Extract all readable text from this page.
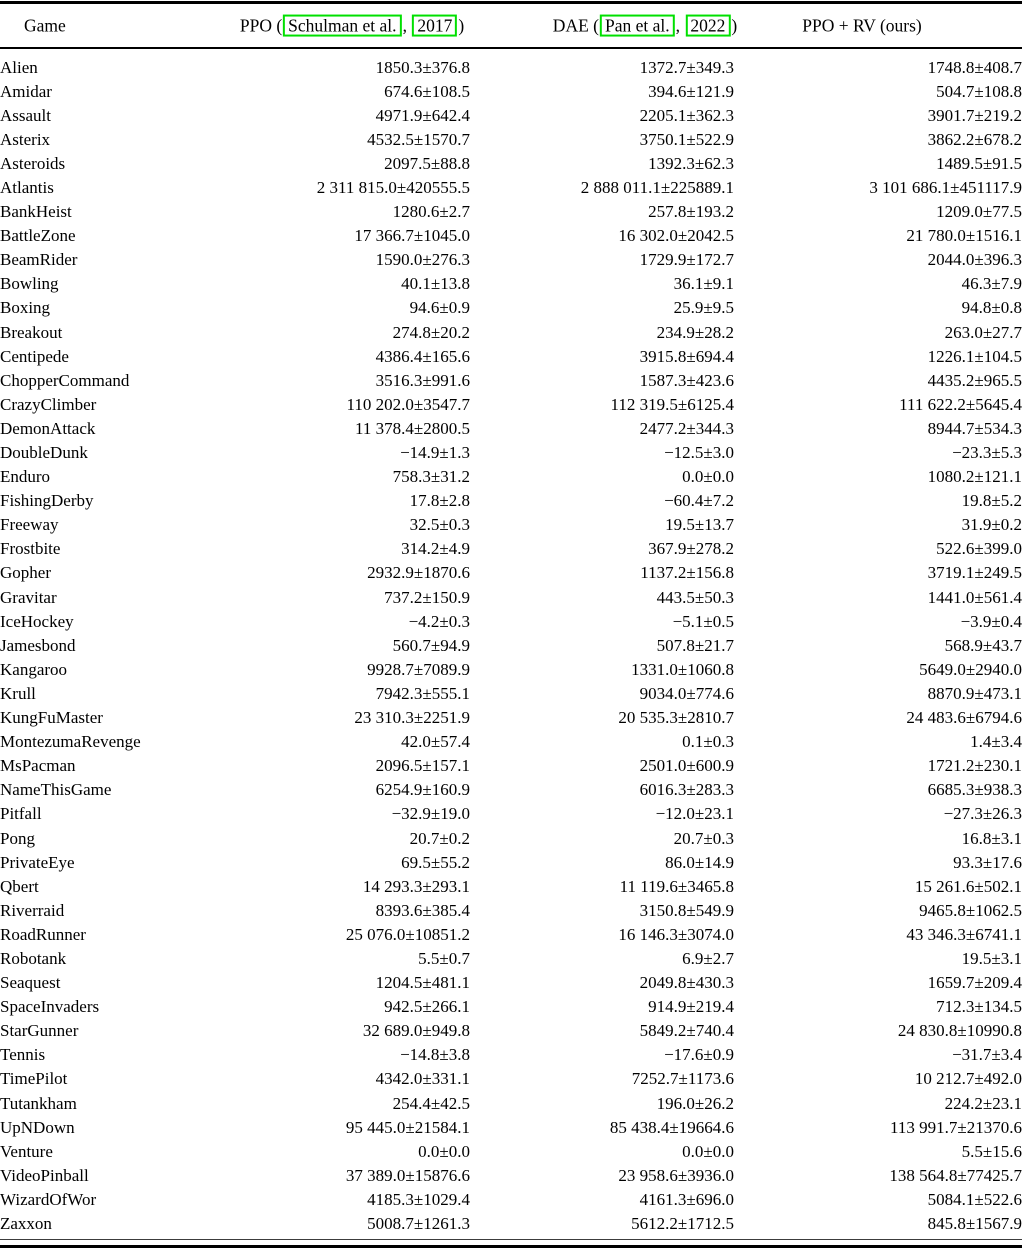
Game	PPO ( Schulman et al. , 2017 )	DAE ( Pan et al. , 2022 )	PPO + RV (ours)
Alien	1850.3±376.8	1372.7±349.3	1748.8±408.7
Amidar	674.6±108.5	394.6±121.9	504.7±108.8
Assault	4971.9±642.4	2205.1±362.3	3901.7±219.2
Asterix	4532.5±1570.7	3750.1±522.9	3862.2±678.2
Asteroids	2097.5±88.8	1392.3±62.3	1489.5±91.5
Atlantis	2 311 815.0±420555.5	2 888 011.1±225889.1	3 101 686.1±451117.9
BankHeist	1280.6±2.7	257.8±193.2	1209.0±77.5
BattleZone	17 366.7±1045.0	16 302.0±2042.5	21 780.0±1516.1
BeamRider	1590.0±276.3	1729.9±172.7	2044.0±396.3
Bowling	40.1±13.8	36.1±9.1	46.3±7.9
Boxing	94.6±0.9	25.9±9.5	94.8±0.8
Breakout	274.8±20.2	234.9±28.2	263.0±27.7
Centipede	4386.4±165.6	3915.8±694.4	1226.1±104.5
ChopperCommand	3516.3±991.6	1587.3±423.6	4435.2±965.5
CrazyClimber	110 202.0±3547.7	112 319.5±6125.4	111 622.2±5645.4
DemonAttack	11 378.4±2800.5	2477.2±344.3	8944.7±534.3
DoubleDunk	−14.9±1.3	−12.5±3.0	−23.3±5.3
Enduro	758.3±31.2	0.0±0.0	1080.2±121.1
FishingDerby	17.8±2.8	−60.4±7.2	19.8±5.2
Freeway	32.5±0.3	19.5±13.7	31.9±0.2
Frostbite	314.2±4.9	367.9±278.2	522.6±399.0
Gopher	2932.9±1870.6	1137.2±156.8	3719.1±249.5
Gravitar	737.2±150.9	443.5±50.3	1441.0±561.4
IceHockey	−4.2±0.3	−5.1±0.5	−3.9±0.4
Jamesbond	560.7±94.9	507.8±21.7	568.9±43.7
Kangaroo	9928.7±7089.9	1331.0±1060.8	5649.0±2940.0
Krull	7942.3±555.1	9034.0±774.6	8870.9±473.1
KungFuMaster	23 310.3±2251.9	20 535.3±2810.7	24 483.6±6794.6
MontezumaRevenge	42.0±57.4	0.1±0.3	1.4±3.4
MsPacman	2096.5±157.1	2501.0±600.9	1721.2±230.1
NameThisGame	6254.9±160.9	6016.3±283.3	6685.3±938.3
Pitfall	−32.9±19.0	−12.0±23.1	−27.3±26.3
Pong	20.7±0.2	20.7±0.3	16.8±3.1
PrivateEye	69.5±55.2	86.0±14.9	93.3±17.6
Qbert	14 293.3±293.1	11 119.6±3465.8	15 261.6±502.1
Riverraid	8393.6±385.4	3150.8±549.9	9465.8±1062.5
RoadRunner	25 076.0±10851.2	16 146.3±3074.0	43 346.3±6741.1
Robotank	5.5±0.7	6.9±2.7	19.5±3.1
Seaquest	1204.5±481.1	2049.8±430.3	1659.7±209.4
SpaceInvaders	942.5±266.1	914.9±219.4	712.3±134.5
StarGunner	32 689.0±949.8	5849.2±740.4	24 830.8±10990.8
Tennis	−14.8±3.8	−17.6±0.9	−31.7±3.4
TimePilot	4342.0±331.1	7252.7±1173.6	10 212.7±492.0
Tutankham	254.4±42.5	196.0±26.2	224.2±23.1
UpNDown	95 445.0±21584.1	85 438.4±19664.6	113 991.7±21370.6
Venture	0.0±0.0	0.0±0.0	5.5±15.6
VideoPinball	37 389.0±15876.6	23 958.6±3936.0	138 564.8±77425.7
WizardOfWor	4185.3±1029.4	4161.3±696.0	5084.1±522.6
Zaxxon	5008.7±1261.3	5612.2±1712.5	845.8±1567.9
